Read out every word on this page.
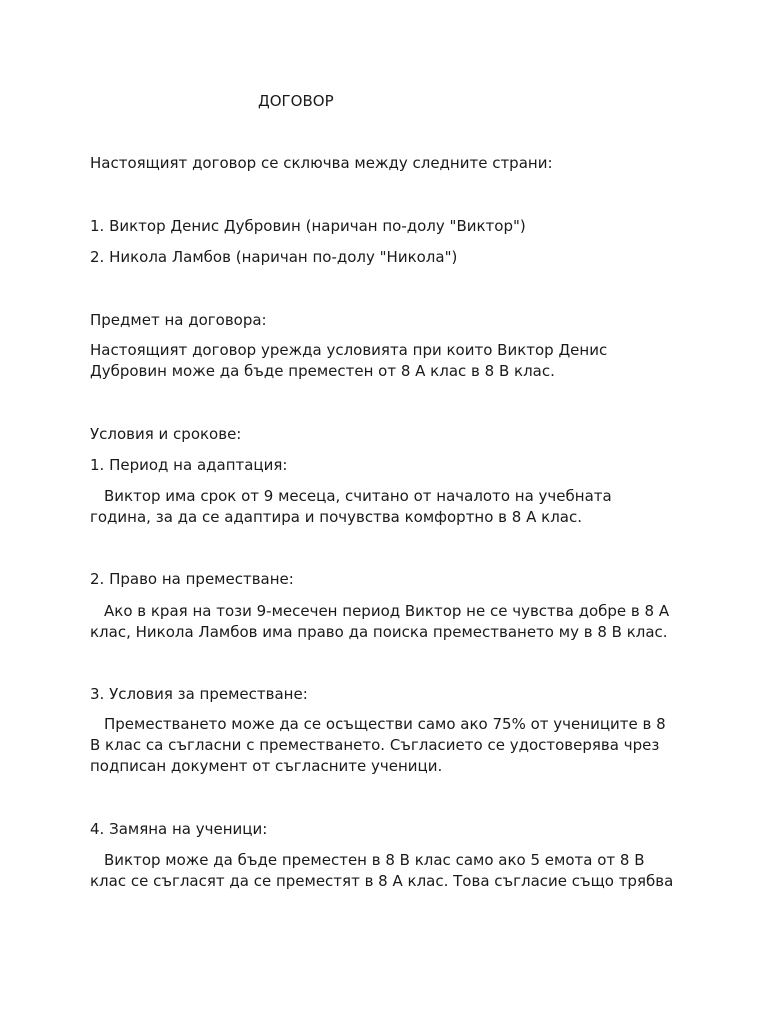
ДОГОВОР

Настоящият договор се сключва между следните страни:

1. Виктор Денис Дубровин (наричан по-долу "Виктор")

2. Никола Ламбов (наричан по-долу "Никола")

Предмет на договора:

Настоящият договор урежда условията при които Виктор Денис
Дубровин може да бъде преместен от 8 А клас в 8 В клас.

Условия и срокове:

1. Период на адаптация:

Виктор има срок от 9 месеца, считано от началото на учебната
година, за да се адаптира и почувства комфортно в 8 А клас.

2. Право на преместване:

Ако в края на този 9-месечен период Виктор не се чувства добре в 8 А
клас, Никола Ламбов има право да поиска преместването му в 8 В клас.

3. Условия за преместване:

Преместването може да се осъществи само ако 75% от учениците в 8
В клас са съгласни с преместването. Съгласието се удостоверява чрез
подписан документ от съгласните ученици.

4. Замяна на ученици:

Виктор може да бъде преместен в 8 В клас само ако 5 емота от 8 В
клас се съгласят да се преместят в 8 А клас. Това съгласие също трябва
